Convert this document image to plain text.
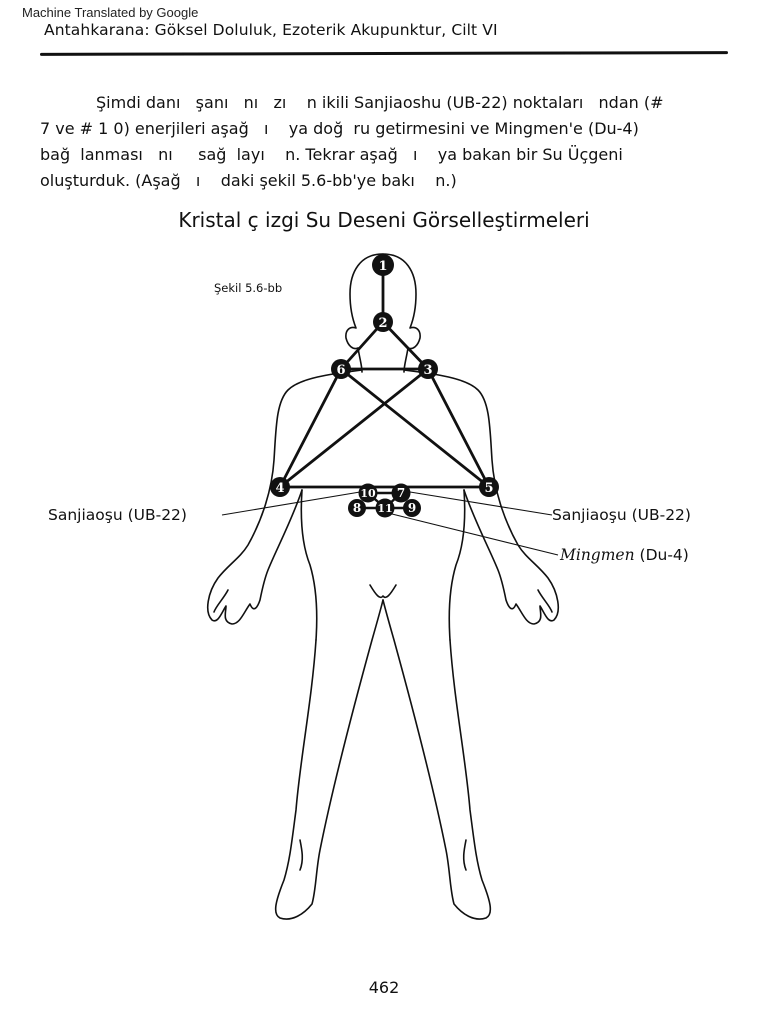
Machine Translated by Google
Antahkarana: Göksel Doluluk, Ezoterik Akupunktur, Cilt VI

Şimdi danı   şanı   nı   zı    n ikili Sanjiaoshu (UB-22) noktaları   ndan (#
7 ve # 1 0) enerjileri aşağ   ı    ya doğ  ru getirmesini ve Mingmen'e (Du-4)
bağ  lanması   nı     sağ  layı    n. Tekrar aşağ   ı    ya bakan bir Su Üçgeni
oluşturduk. (Aşağ   ı    daki şekil 5.6-bb'ye bakı    n.)

Kristal ç izgi Su Deseni Görselleştirmeleri
1
2
6	3
4	5
10 7
8 11 9
Şekil 5.6-bb
Sanjiaoşu (UB-22)	Sanjiaoşu (UB-22)
Mingmen (Du-4)
462
